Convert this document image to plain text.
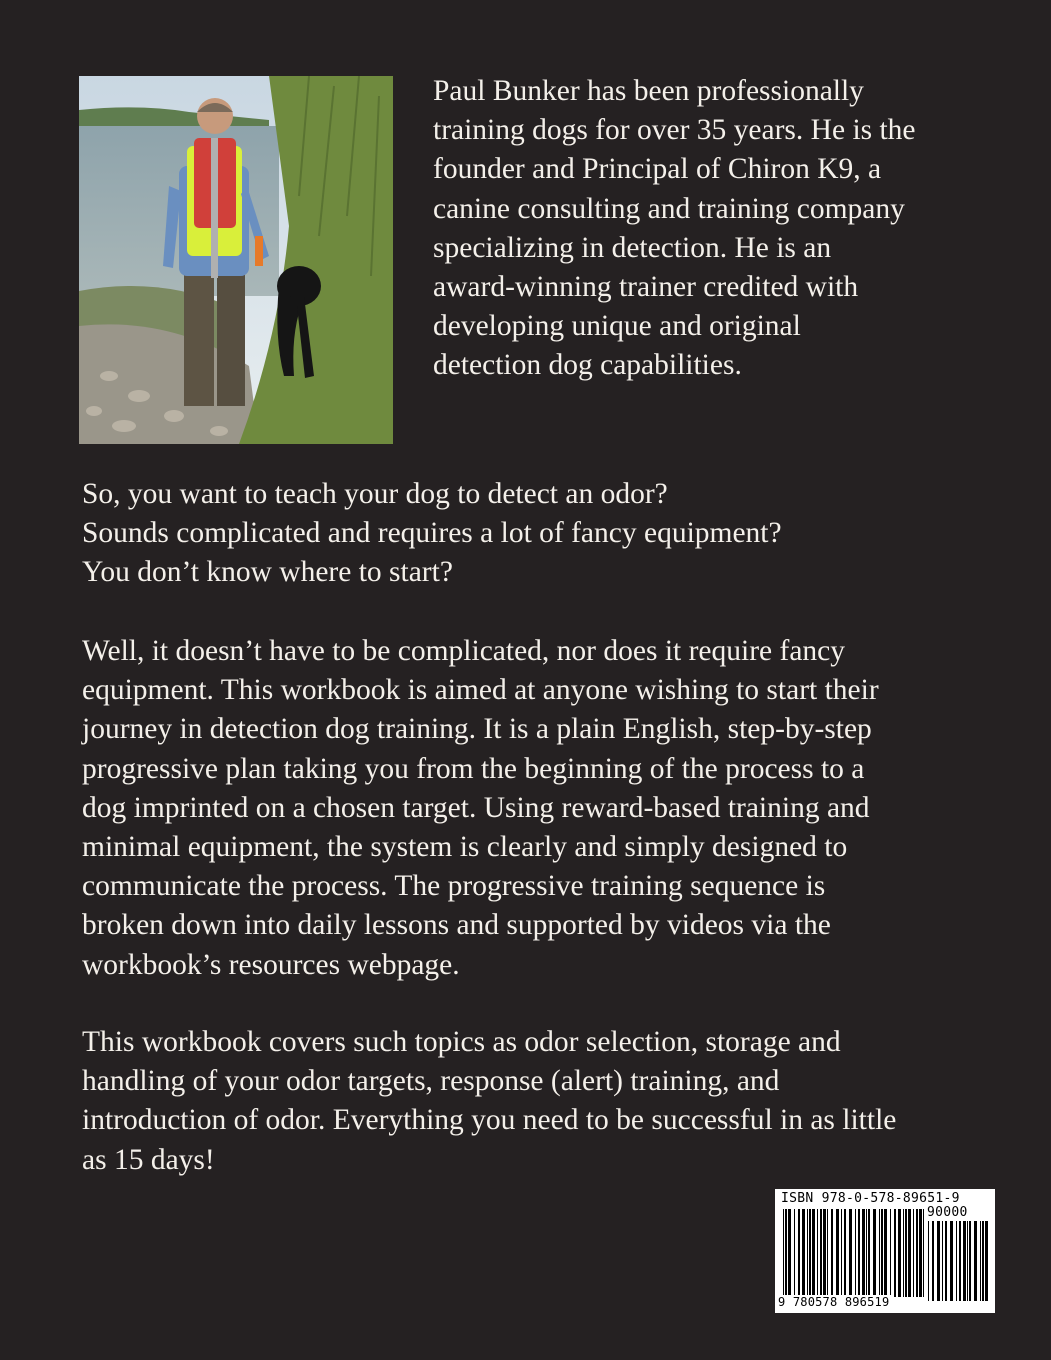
Paul Bunker has been professionally
training dogs for over 35 years. He is the
founder and Principal of Chiron K9, a
canine consulting and training company
specializing in detection. He is an
award-winning trainer credited with
developing unique and original
detection dog capabilities.

So, you want to teach your dog to detect an odor?
Sounds complicated and requires a lot of fancy equipment?
You don’t know where to start?

Well, it doesn’t have to be complicated, nor does it require fancy
equipment. This workbook is aimed at anyone wishing to start their
journey in detection dog training. It is a plain English, step-by-step
progressive plan taking you from the beginning of the process to a
dog imprinted on a chosen target. Using reward-based training and
minimal equipment, the system is clearly and simply designed to
communicate the process. The progressive training sequence is
broken down into daily lessons and supported by videos via the
workbook’s resources webpage.

This workbook covers such topics as odor selection, storage and
handling of your odor targets, response (alert) training, and
introduction of odor. Everything you need to be successful in as little
as 15 days!

ISBN 978-0-578-89651-9
90000
9 780578 896519
